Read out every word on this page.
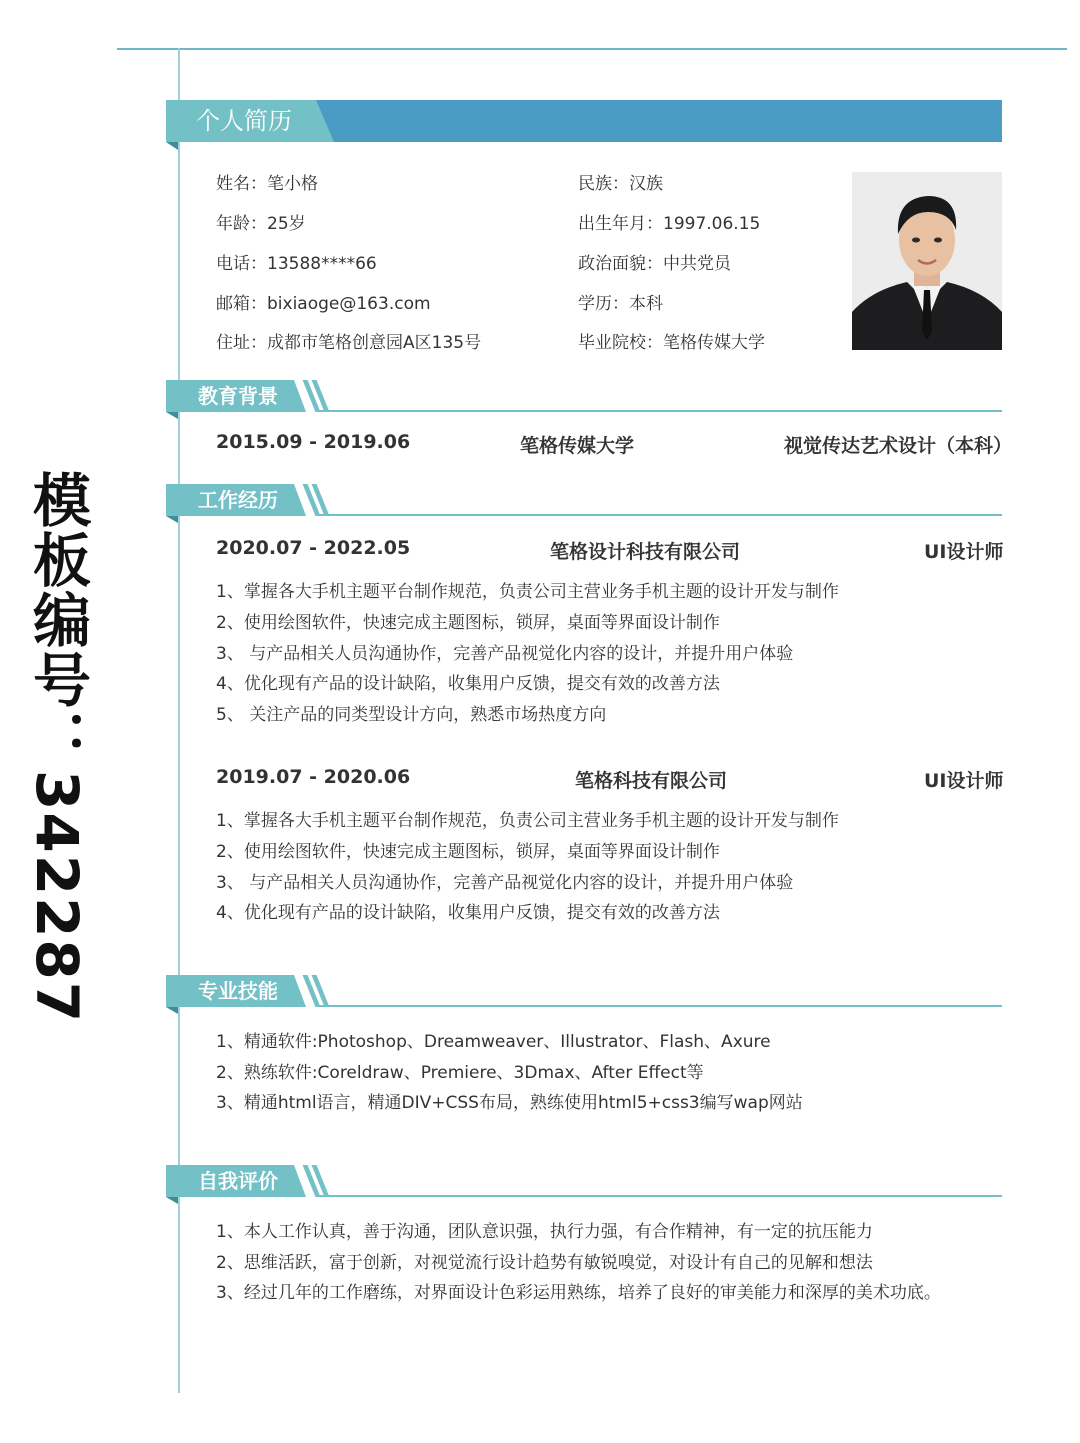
模板编号：342287
个人简历
姓名：笔小格
年龄：25岁
电话：13588****66
邮箱：bixiaoge@163.com
住址：成都市笔格创意园A区135号
民族：汉族
出生年月：1997.06.15
政治面貌：中共党员
学历：本科
毕业院校：笔格传媒大学
教育背景
2015.09 - 2019.06	笔格传媒大学	视觉传达艺术设计（本科）
工作经历
2020.07 - 2022.05	笔格设计科技有限公司	UI设计师
1、掌握各大手机主题平台制作规范，负责公司主营业务手机主题的设计开发与制作
2、使用绘图软件，快速完成主题图标，锁屏，桌面等界面设计制作
3、 与产品相关人员沟通协作，完善产品视觉化内容的设计，并提升用户体验
4、优化现有产品的设计缺陷，收集用户反馈，提交有效的改善方法
5、 关注产品的同类型设计方向，熟悉市场热度方向
2019.07 - 2020.06	笔格科技有限公司	UI设计师
1、掌握各大手机主题平台制作规范，负责公司主营业务手机主题的设计开发与制作
2、使用绘图软件，快速完成主题图标，锁屏，桌面等界面设计制作
3、 与产品相关人员沟通协作，完善产品视觉化内容的设计，并提升用户体验
4、优化现有产品的设计缺陷，收集用户反馈，提交有效的改善方法
专业技能
1、精通软件:Photoshop、Dreamweaver、Illustrator、Flash、Axure
2、熟练软件:Coreldraw、Premiere、3Dmax、After Effect等
3、精通html语言，精通DIV+CSS布局，熟练使用html5+css3编写wap网站
自我评价
1、本人工作认真，善于沟通，团队意识强，执行力强，有合作精神，有一定的抗压能力
2、思维活跃，富于创新，对视觉流行设计趋势有敏锐嗅觉，对设计有自己的见解和想法
3、经过几年的工作磨练，对界面设计色彩运用熟练，培养了良好的审美能力和深厚的美术功底。
